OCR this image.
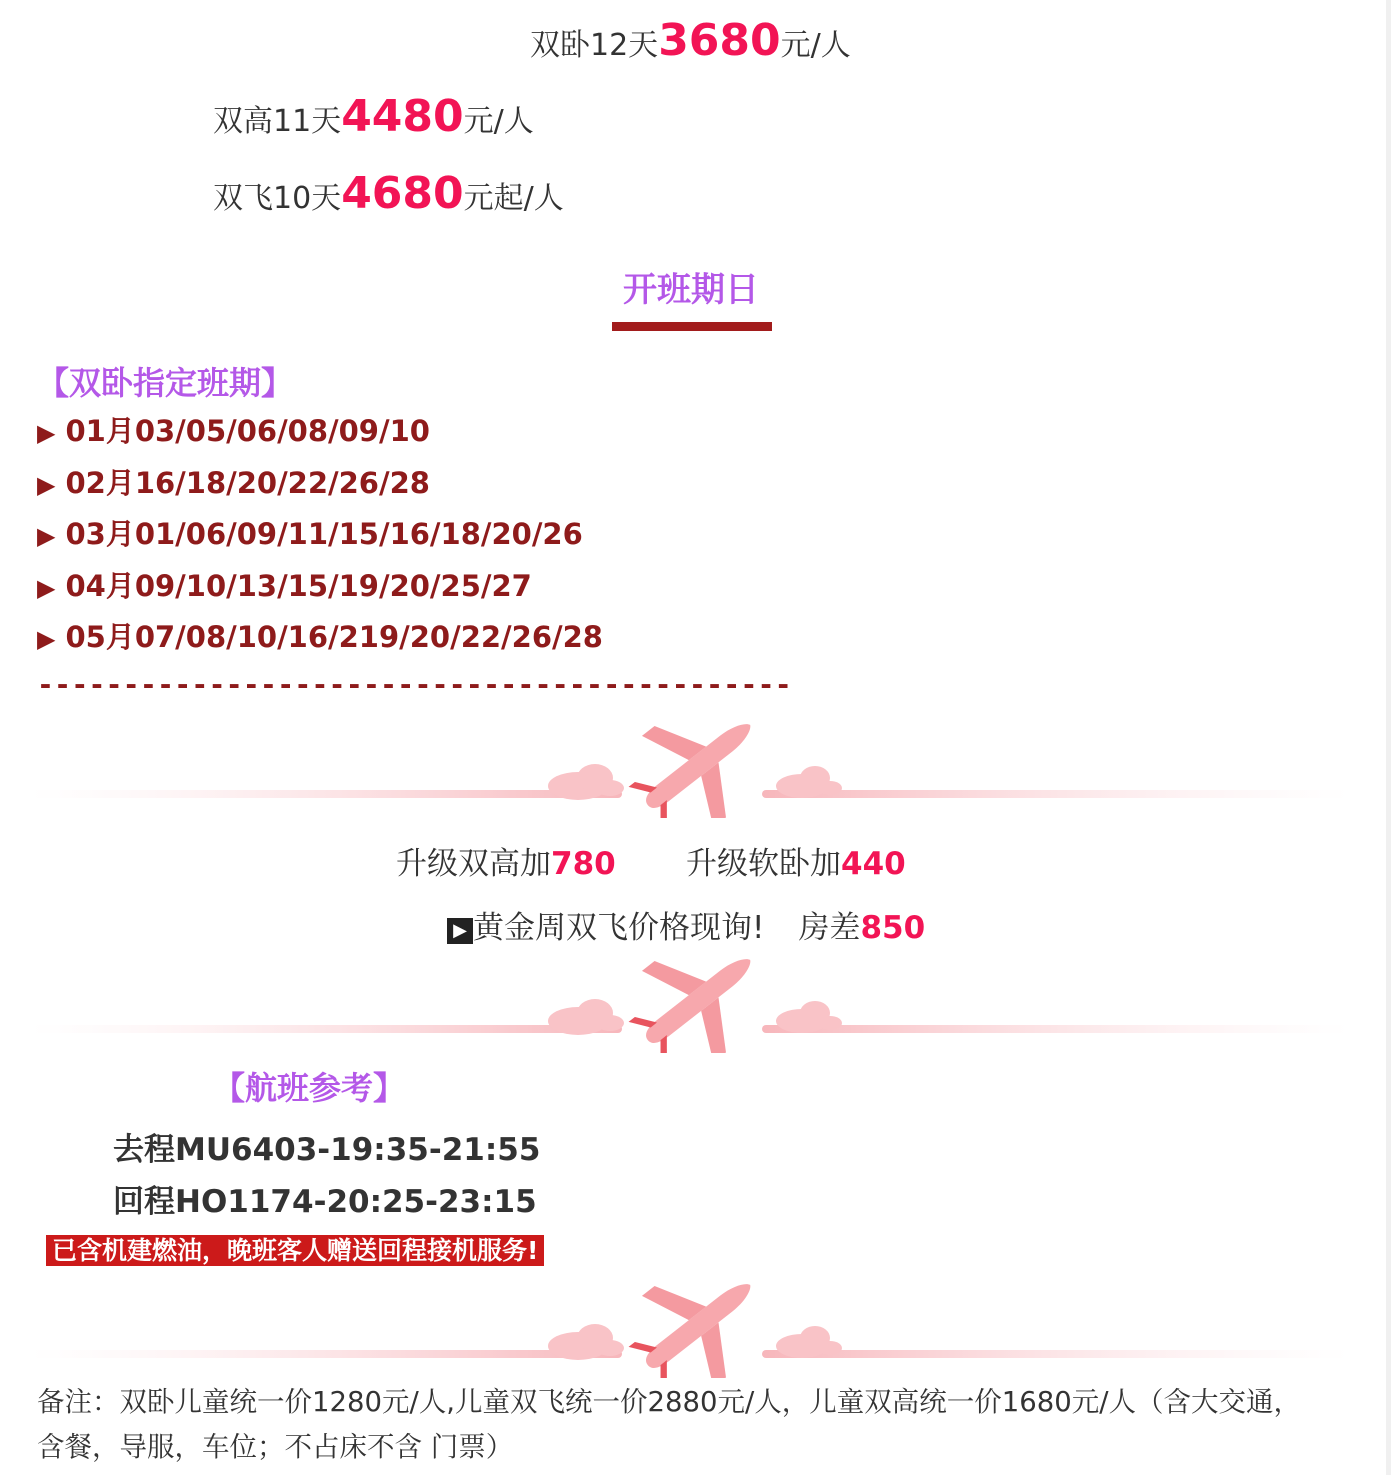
双卧12天3680元/人
双高11天4480元/人
双飞10天4680元起/人
开班期日
【双卧指定班期】
▶ 01月03/05/06/08/09/10
▶ 02月16/18/20/22/26/28
▶ 03月01/06/09/11/15/16/18/20/26
▶ 04月09/10/13/15/19/20/25/27
▶ 05月07/08/10/16/219/20/22/26/28
--------------------------------------------
升级双高加780 升级软卧加440
▶ 黄金周双飞价格现询! 房差850
【航班参考】
去程MU6403-19:35-21:55
回程HO1174-20:25-23:15
已含机建燃油，晚班客人赠送回程接机服务!
备注：双卧儿童统一价1280元/人,儿童双飞统一价2880元/人，儿童双高统一价1680元/人（含大交通，
含餐，导服，车位；不占床不含 门票）
